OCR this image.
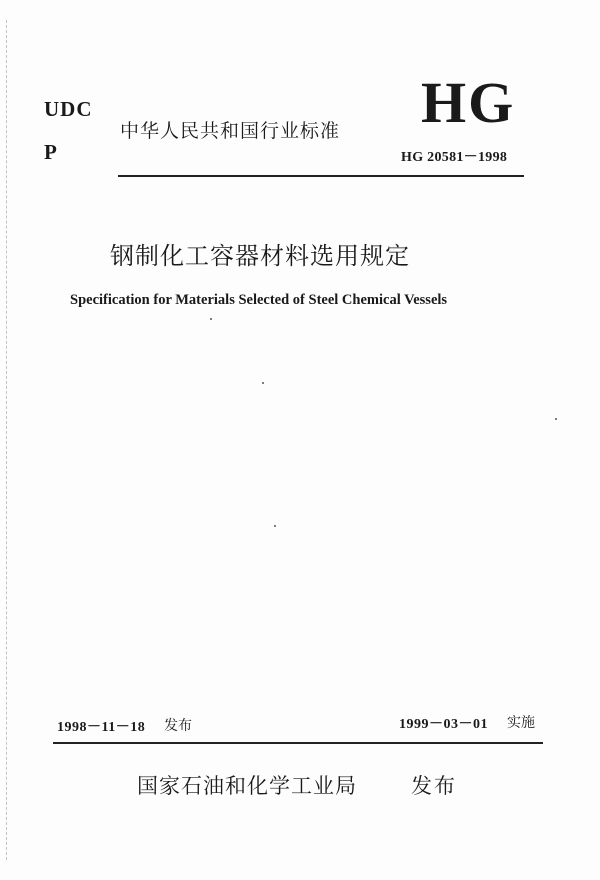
UDC
P
中华人民共和国行业标准 HG
HG 20581－1998
钢制化工容器材料选用规定
Specification for Materials Selected of Steel Chemical Vessels
1998－11－18 发布	1999－03－01 实施
国家石油和化学工业局	发布
